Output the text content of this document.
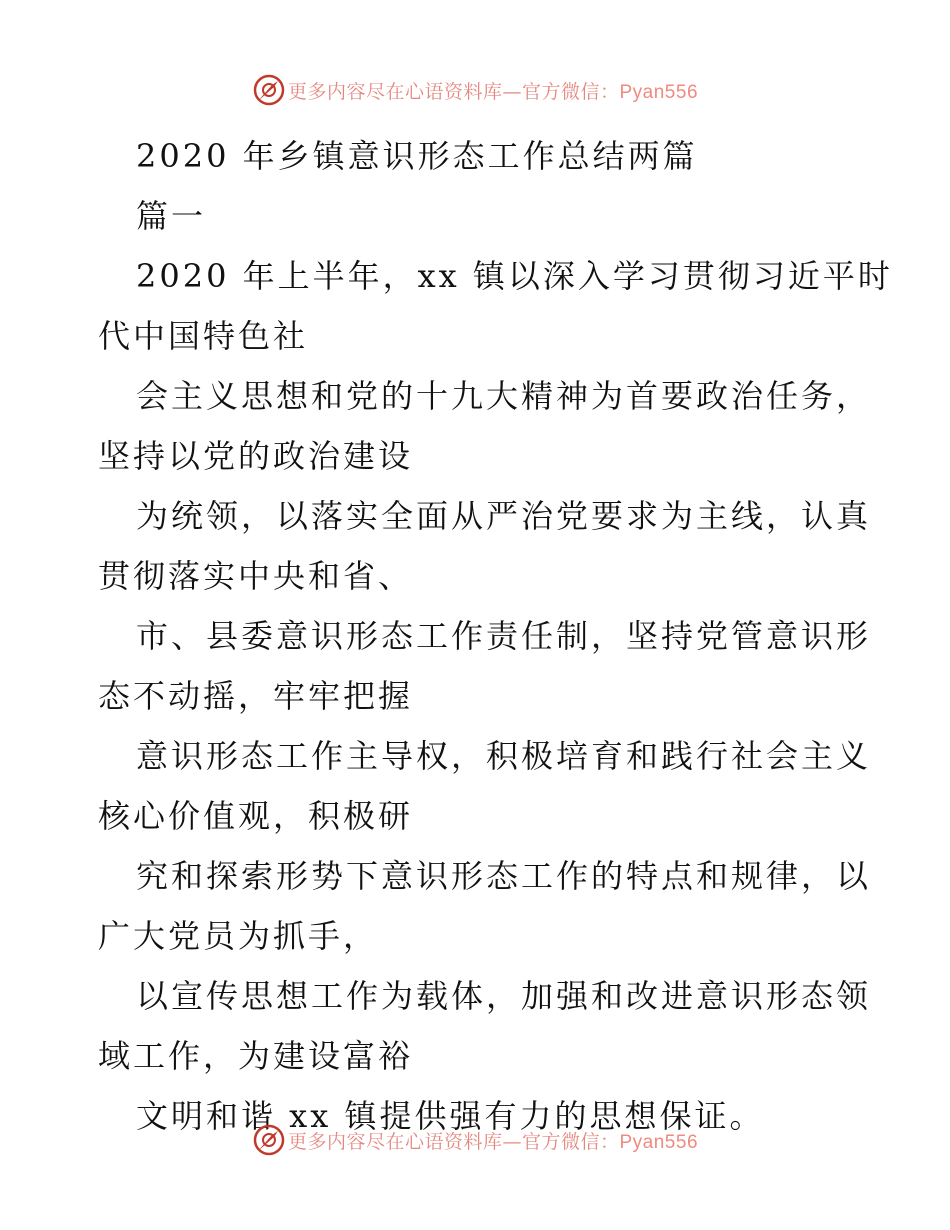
更多内容尽在心语资料库—官方微信：Pyan556
2020 年乡镇意识形态工作总结两篇
篇一
2020 年上半年，xx 镇以深入学习贯彻习近平时
代中国特色社
会主义思想和党的十九大精神为首要政治任务，
坚持以党的政治建设
为统领，以落实全面从严治党要求为主线，认真
贯彻落实中央和省、
市、县委意识形态工作责任制，坚持党管意识形
态不动摇，牢牢把握
意识形态工作主导权，积极培育和践行社会主义
核心价值观，积极研
究和探索形势下意识形态工作的特点和规律，以
广大党员为抓手，
以宣传思想工作为载体，加强和改进意识形态领
域工作，为建设富裕
文明和谐 xx 镇提供强有力的思想保证。
更多内容尽在心语资料库—官方微信：Pyan556
